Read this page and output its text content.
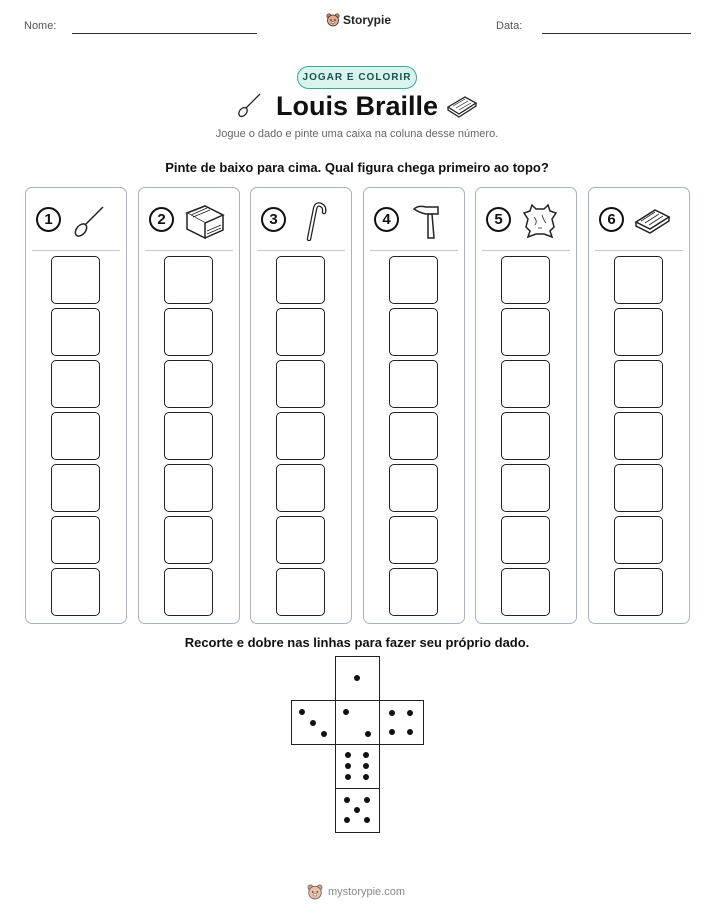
Nome:	Storypie	Data:
JOGAR E COLORIR
Louis Braille
Jogue o dado e pinte uma caixa na coluna desse número.
Pinte de baixo para cima. Qual figura chega primeiro ao topo?
1	2	3	4	5	6
Recorte e dobre nas linhas para fazer seu próprio dado.
mystorypie.com
